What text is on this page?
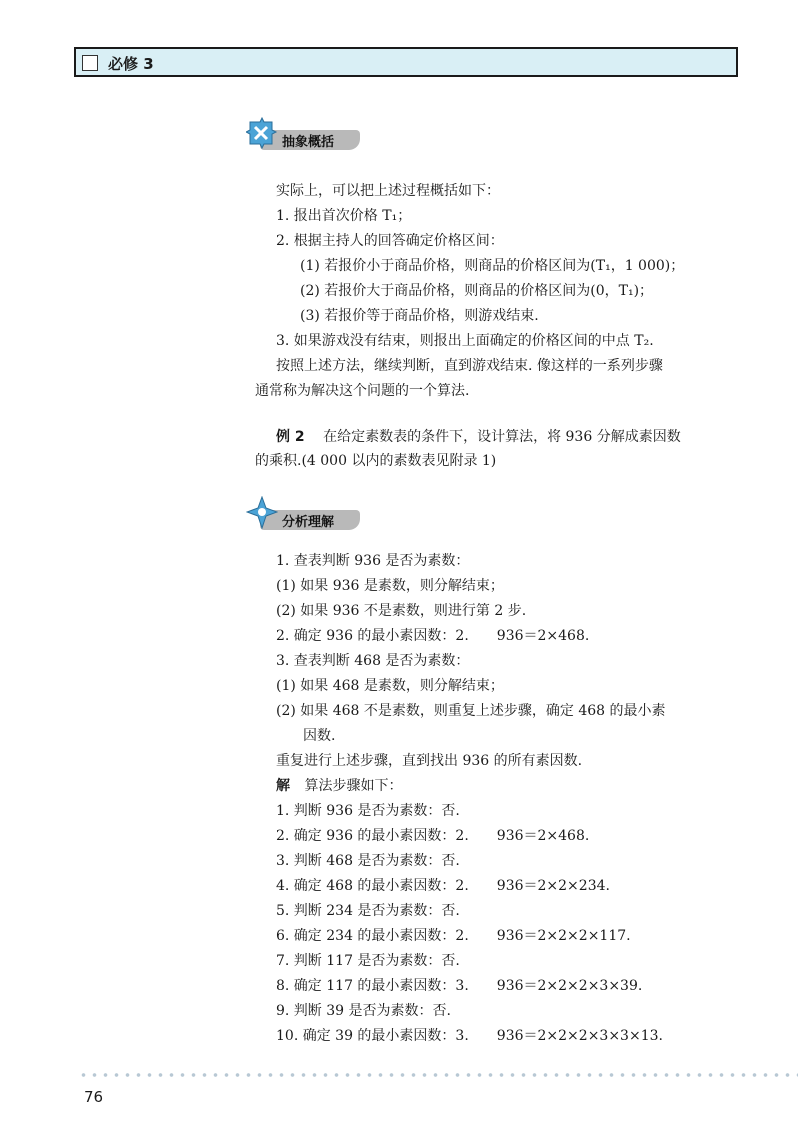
必修 3
抽象概括
实际上，可以把上述过程概括如下：
1. 报出首次价格 T₁；
2. 根据主持人的回答确定价格区间：
(1) 若报价小于商品价格，则商品的价格区间为(T₁，1 000)；
(2) 若报价大于商品价格，则商品的价格区间为(0，T₁)；
(3) 若报价等于商品价格，则游戏结束.
3. 如果游戏没有结束，则报出上面确定的价格区间的中点 T₂.
按照上述方法，继续判断，直到游戏结束. 像这样的一系列步骤
通常称为解决这个问题的一个算法.
例 2 在给定素数表的条件下，设计算法，将 936 分解成素因数
的乘积.(4 000 以内的素数表见附录 1)
分析理解
1. 查表判断 936 是否为素数：
(1) 如果 936 是素数，则分解结束；
(2) 如果 936 不是素数，则进行第 2 步.
2. 确定 936 的最小素因数：2.　　936＝2×468.
3. 查表判断 468 是否为素数：
(1) 如果 468 是素数，则分解结束；
(2) 如果 468 不是素数，则重复上述步骤，确定 468 的最小素
因数.
重复进行上述步骤，直到找出 936 的所有素因数.
解 算法步骤如下：
1. 判断 936 是否为素数：否.
2. 确定 936 的最小素因数：2.　　936＝2×468.
3. 判断 468 是否为素数：否.
4. 确定 468 的最小素因数：2.　　936＝2×2×234.
5. 判断 234 是否为素数：否.
6. 确定 234 的最小素因数：2.　　936＝2×2×2×117.
7. 判断 117 是否为素数：否.
8. 确定 117 的最小素因数：3.　　936＝2×2×2×3×39.
9. 判断 39 是否为素数：否.
10. 确定 39 的最小素因数：3.　　936＝2×2×2×3×3×13.
76
